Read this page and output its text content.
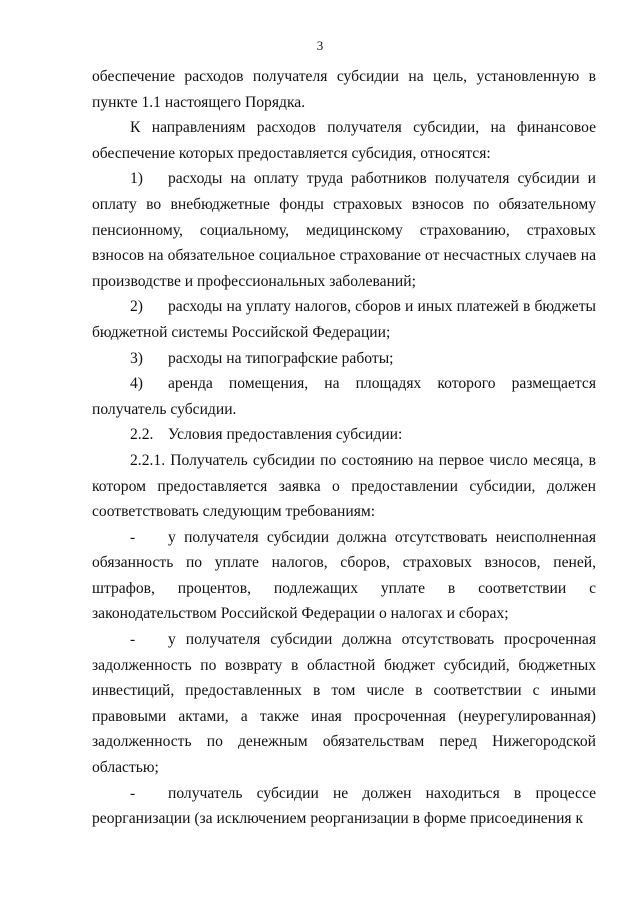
3

обеспечение расходов получателя субсидии на цель, установленную в пункте 1.1 настоящего Порядка.

К направлениям расходов получателя субсидии, на финансовое обеспечение которых предоставляется субсидия, относятся:

1) расходы на оплату труда работников получателя субсидии и оплату во внебюджетные фонды страховых взносов по обязательному пенсионному, социальному, медицинскому страхованию, страховых взносов на обязательное социальное страхование от несчастных случаев на производстве и профессиональных заболеваний;

2) расходы на уплату налогов, сборов и иных платежей в бюджеты бюджетной системы Российской Федерации;

3) расходы на типографские работы;

4) аренда помещения, на площадях которого размещается получатель субсидии.

2.2. Условия предоставления субсидии:

2.2.1. Получатель субсидии по состоянию на первое число месяца, в котором предоставляется заявка о предоставлении субсидии, должен соответствовать следующим требованиям:

- у получателя субсидии должна отсутствовать неисполненная обязанность по уплате налогов, сборов, страховых взносов, пеней, штрафов, процентов, подлежащих уплате в соответствии с законодательством Российской Федерации о налогах и сборах;

- у получателя субсидии должна отсутствовать просроченная задолженность по возврату в областной бюджет субсидий, бюджетных инвестиций, предоставленных в том числе в соответствии с иными правовыми актами, а также иная просроченная (неурегулированная) задолженность по денежным обязательствам перед Нижегородской областью;

- получатель субсидии не должен находиться в процессе реорганизации (за исключением реорганизации в форме присоединения к
